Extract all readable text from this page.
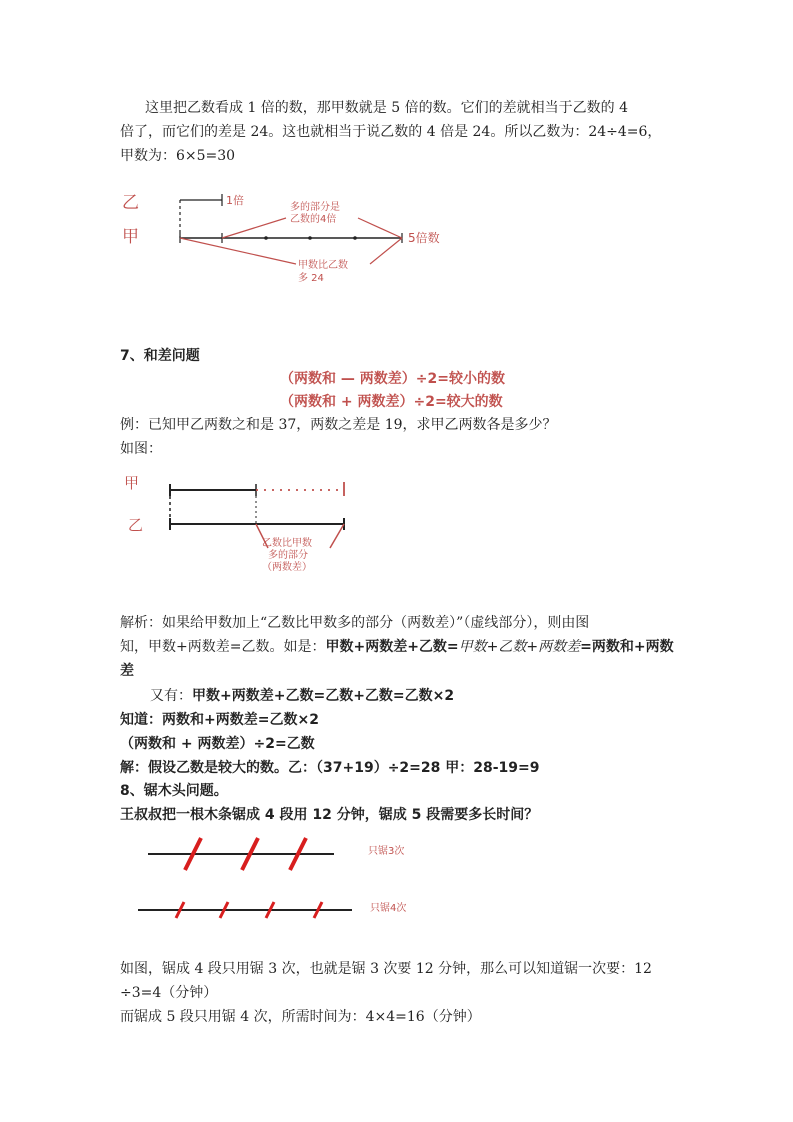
这里把乙数看成 1 倍的数，那甲数就是 5 倍的数。它们的差就相当于乙数的 4
倍了，而它们的差是 24。这也就相当于说乙数的 4 倍是 24。所以乙数为：24÷4=6，
甲数为：6×5=30
乙
甲
1倍
多的部分是
乙数的4倍
甲数比乙数
多 24
5倍数
7、和差问题
（两数和 — 两数差）÷2=较小的数
（两数和 + 两数差）÷2=较大的数
例：已知甲乙两数之和是 37，两数之差是 19，求甲乙两数各是多少？
如图：
甲
乙
乙数比甲数
多的部分
（两数差）
解析：如果给甲数加上“乙数比甲数多的部分（两数差）”（虚线部分），则由图
知，甲数+两数差=乙数。如是：甲数+两数差+乙数=甲数+乙数+两数差=两数和+两数
差
又有：甲数+两数差+乙数=乙数+乙数=乙数×2
知道：两数和+两数差=乙数×2
（两数和 + 两数差）÷2=乙数
解：假设乙数是较大的数。乙：（37+19）÷2=28 甲：28-19=9
8、锯木头问题。
王叔叔把一根木条锯成 4 段用 12 分钟，锯成 5 段需要多长时间？
只锯3次
只锯4次
如图，锯成 4 段只用锯 3 次，也就是锯 3 次要 12 分钟，那么可以知道锯一次要：12
÷3=4（分钟）
而锯成 5 段只用锯 4 次，所需时间为：4×4=16（分钟）
